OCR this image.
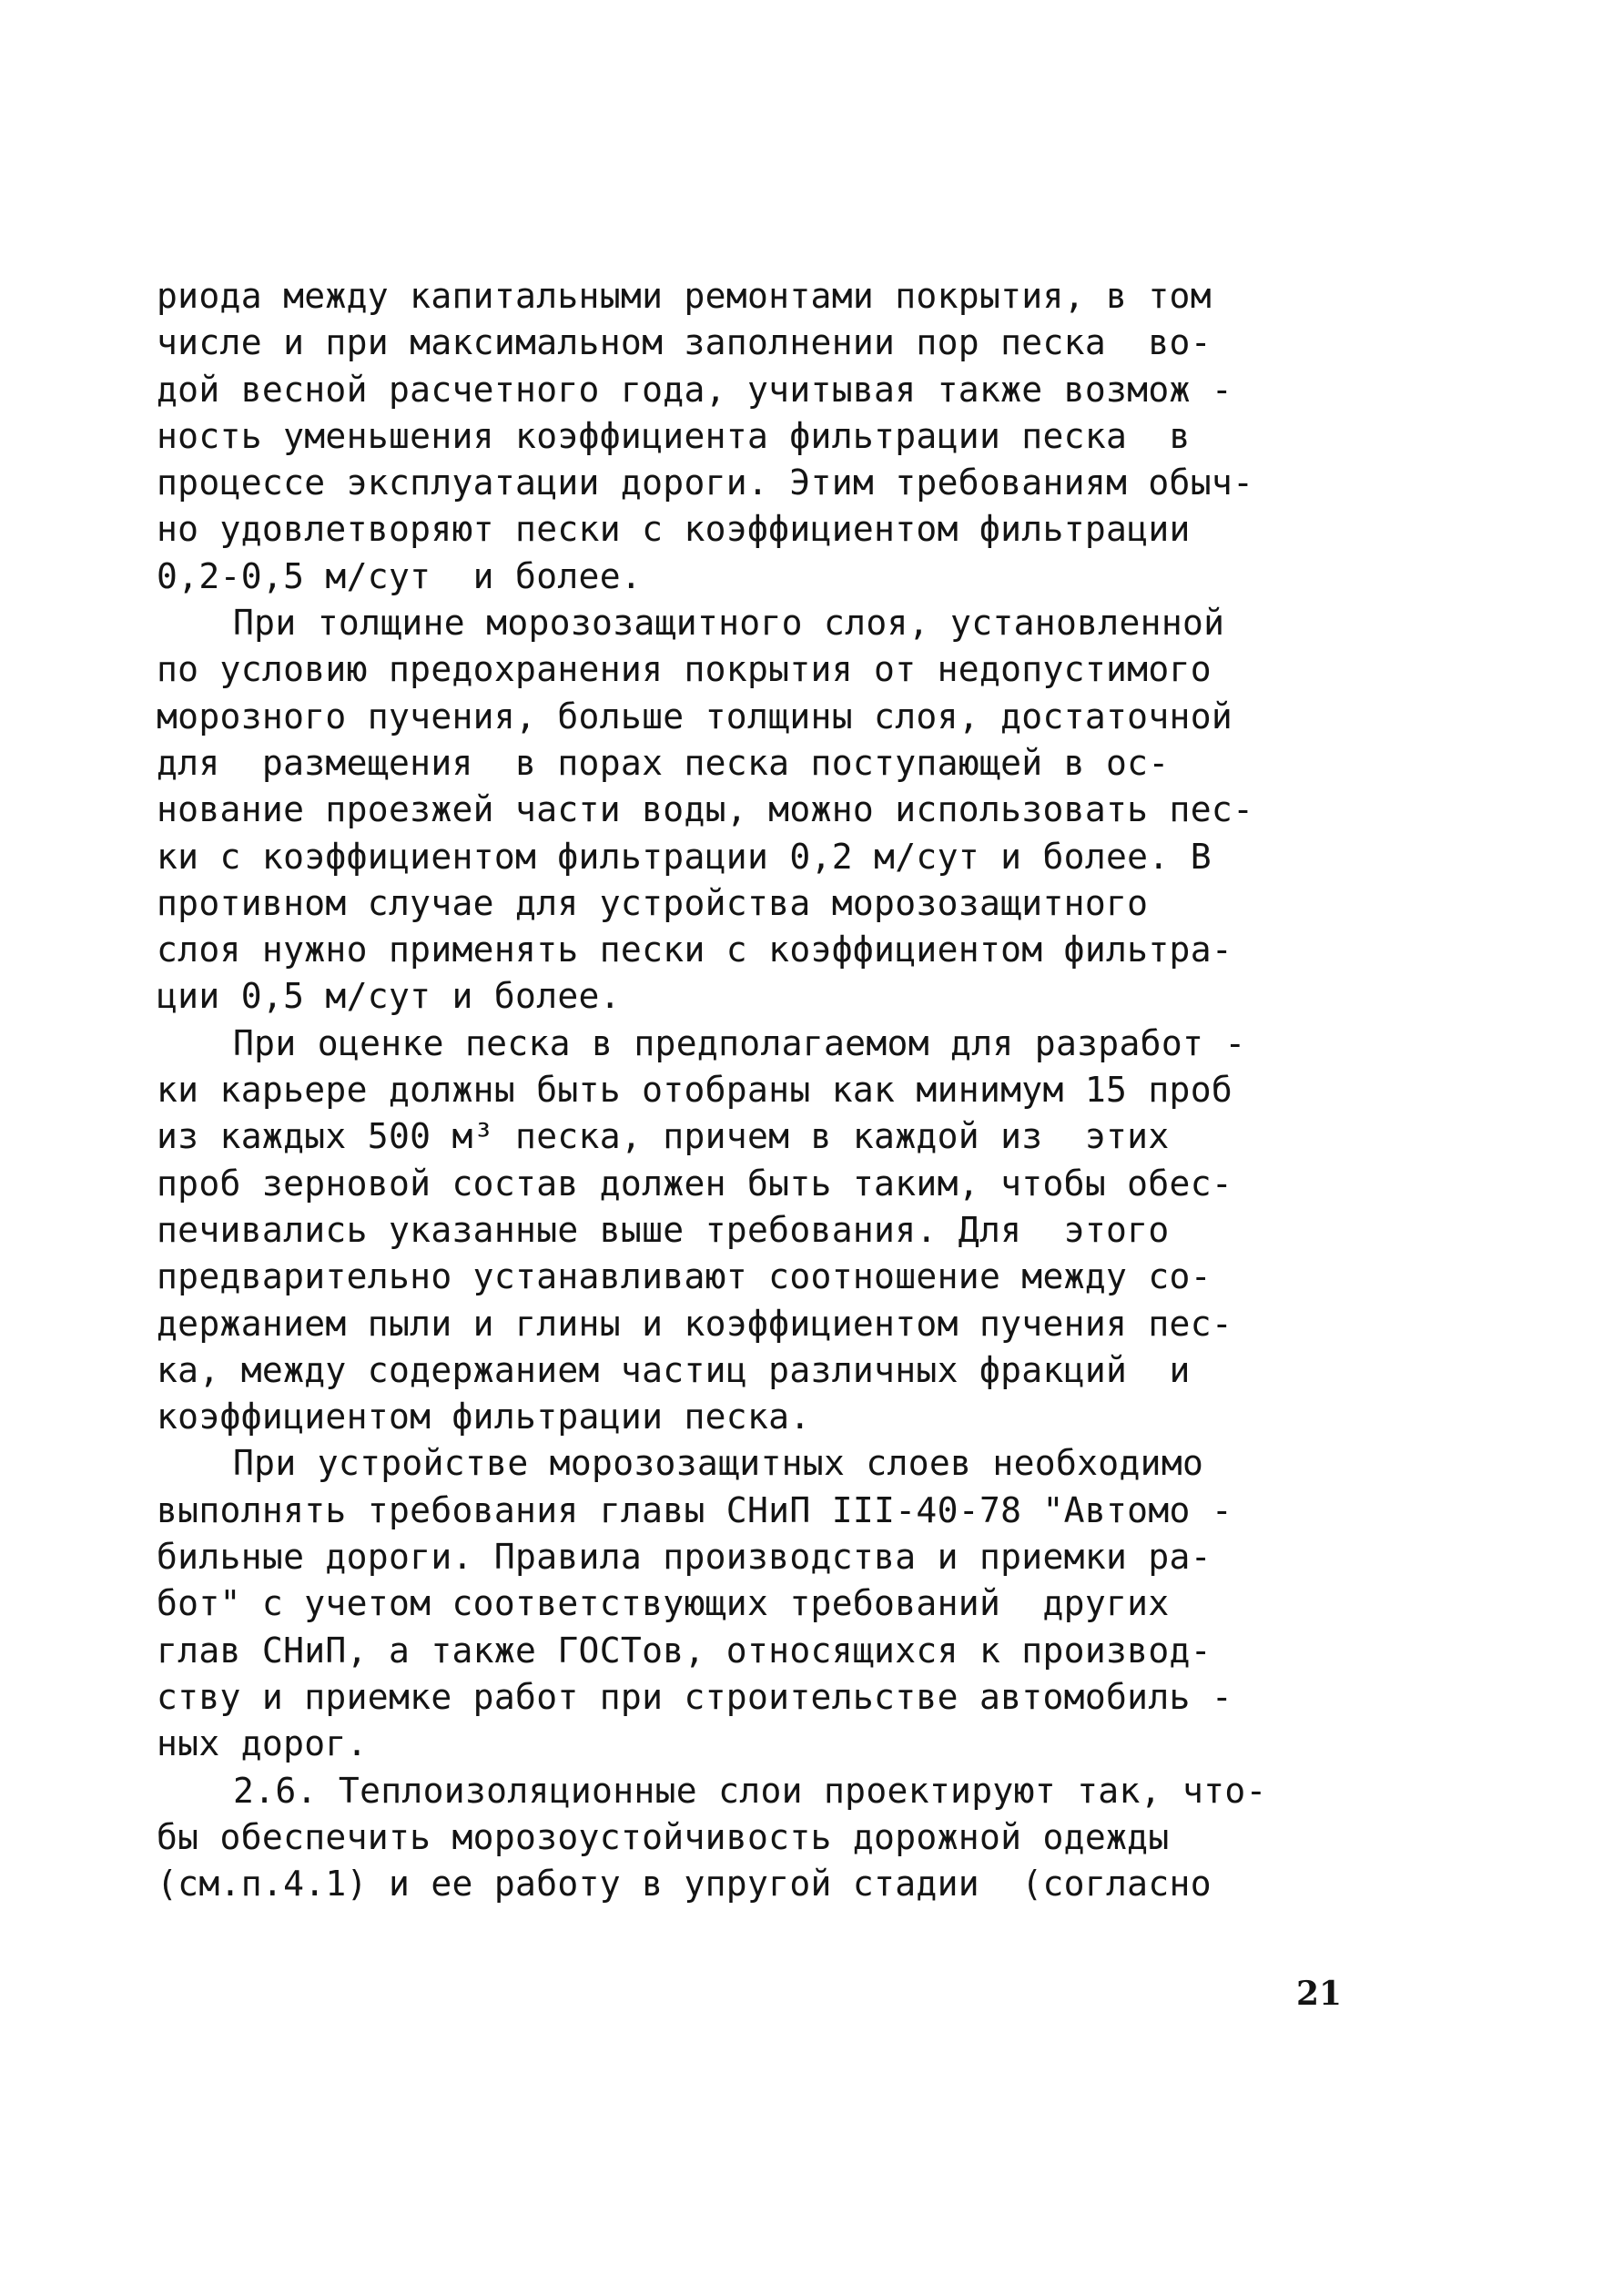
риода между капитальными ремонтами покрытия, в том
числе и при максимальном заполнении пор песка  во-
дой весной расчетного года, учитывая также возмож -
ность уменьшения коэффициента фильтрации песка  в
процессе эксплуатации дороги. Этим требованиям обыч-
но удовлетворяют пески с коэффициентом фильтрации
0,2-0,5 м/сут  и более.
При толщине морозозащитного слоя, установленной
по условию предохранения покрытия от недопустимого
морозного пучения, больше толщины слоя, достаточной
для  размещения  в порах песка поступающей в ос-
нование проезжей части воды, можно использовать пес-
ки с коэффициентом фильтрации 0,2 м/сут и более. В
противном случае для устройства морозозащитного
слоя нужно применять пески с коэффициентом фильтра-
ции 0,5 м/сут и более.
При оценке песка в предполагаемом для разработ -
ки карьере должны быть отобраны как минимум 15 проб
из каждых 500 м³ песка, причем в каждой из  этих
проб зерновой состав должен быть таким, чтобы обес-
печивались указанные выше требования. Для  этого
предварительно устанавливают соотношение между со-
держанием пыли и глины и коэффициентом пучения пес-
ка, между содержанием частиц различных фракций  и
коэффициентом фильтрации песка.
При устройстве морозозащитных слоев необходимо
выполнять требования главы СНиП III-40-78 "Автомо -
бильные дороги. Правила производства и приемки ра-
бот" с учетом соответствующих требований  других
глав СНиП, а также ГОСТов, относящихся к производ-
ству и приемке работ при строительстве автомобиль -
ных дорог.
2.6. Теплоизоляционные слои проектируют так, что-
бы обеспечить морозоустойчивость дорожной одежды
(см.п.4.1) и ее работу в упругой стадии  (согласно
21
